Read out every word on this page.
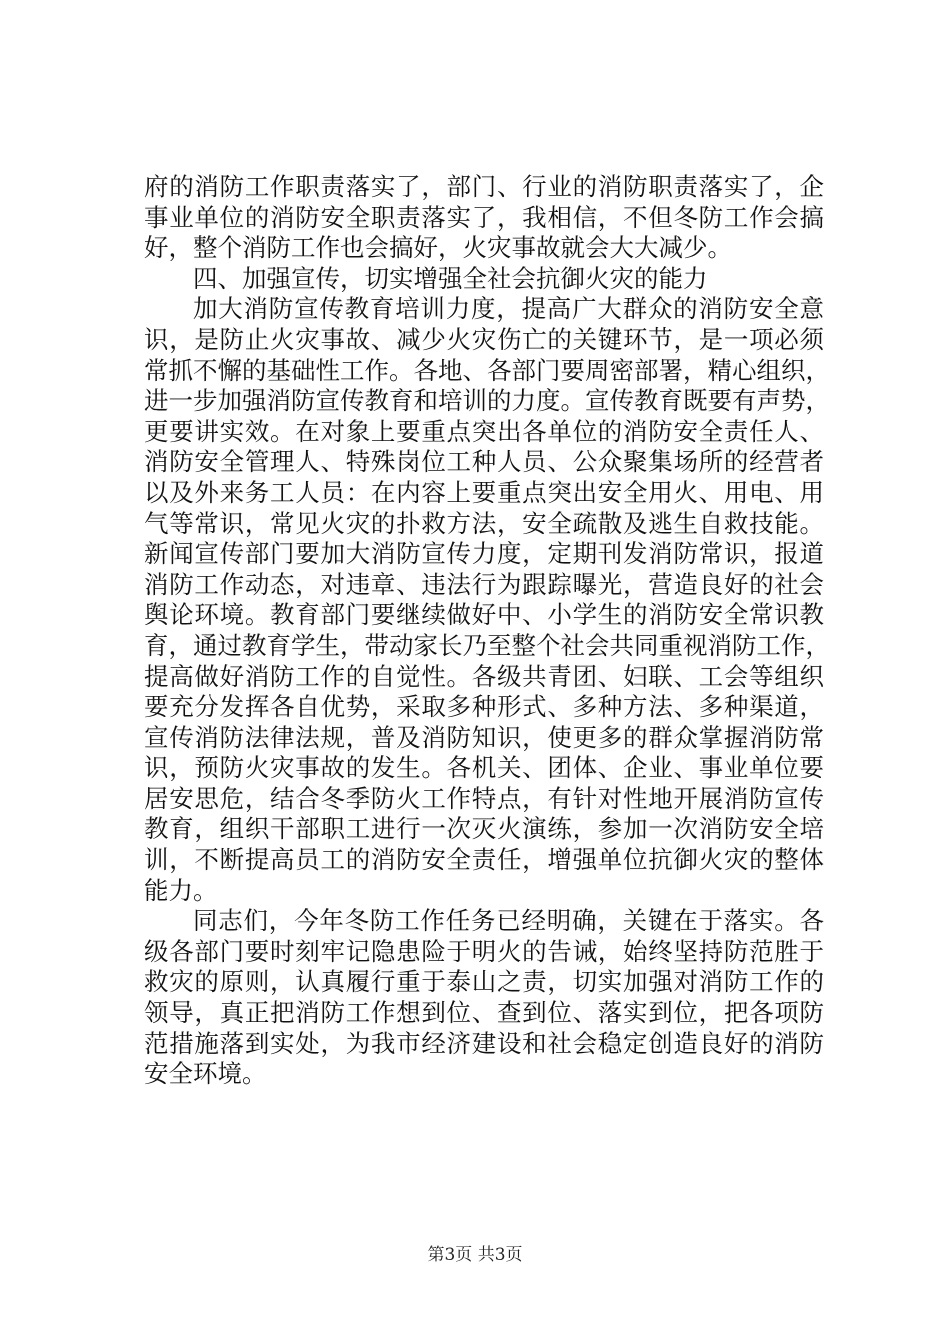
府的消防工作职责落实了，部门、行业的消防职责落实了，企
事业单位的消防安全职责落实了，我相信，不但冬防工作会搞
好，整个消防工作也会搞好，火灾事故就会大大减少。
四、加强宣传，切实增强全社会抗御火灾的能力
加大消防宣传教育培训力度，提高广大群众的消防安全意
识，是防止火灾事故、减少火灾伤亡的关键环节，是一项必须
常抓不懈的基础性工作。各地、各部门要周密部署，精心组织，
进一步加强消防宣传教育和培训的力度。宣传教育既要有声势，
更要讲实效。在对象上要重点突出各单位的消防安全责任人、
消防安全管理人、特殊岗位工种人员、公众聚集场所的经营者
以及外来务工人员：在内容上要重点突出安全用火、用电、用
气等常识，常见火灾的扑救方法，安全疏散及逃生自救技能。
新闻宣传部门要加大消防宣传力度，定期刊发消防常识，报道
消防工作动态，对违章、违法行为跟踪曝光，营造良好的社会
舆论环境。教育部门要继续做好中、小学生的消防安全常识教
育，通过教育学生，带动家长乃至整个社会共同重视消防工作，
提高做好消防工作的自觉性。各级共青团、妇联、工会等组织
要充分发挥各自优势，采取多种形式、多种方法、多种渠道，
宣传消防法律法规，普及消防知识，使更多的群众掌握消防常
识，预防火灾事故的发生。各机关、团体、企业、事业单位要
居安思危，结合冬季防火工作特点，有针对性地开展消防宣传
教育，组织干部职工进行一次灭火演练，参加一次消防安全培
训，不断提高员工的消防安全责任，增强单位抗御火灾的整体
能力。
同志们，今年冬防工作任务已经明确，关键在于落实。各
级各部门要时刻牢记隐患险于明火的告诫，始终坚持防范胜于
救灾的原则，认真履行重于泰山之责，切实加强对消防工作的
领导，真正把消防工作想到位、查到位、落实到位，把各项防
范措施落到实处，为我市经济建设和社会稳定创造良好的消防
安全环境。
第3页 共3页
